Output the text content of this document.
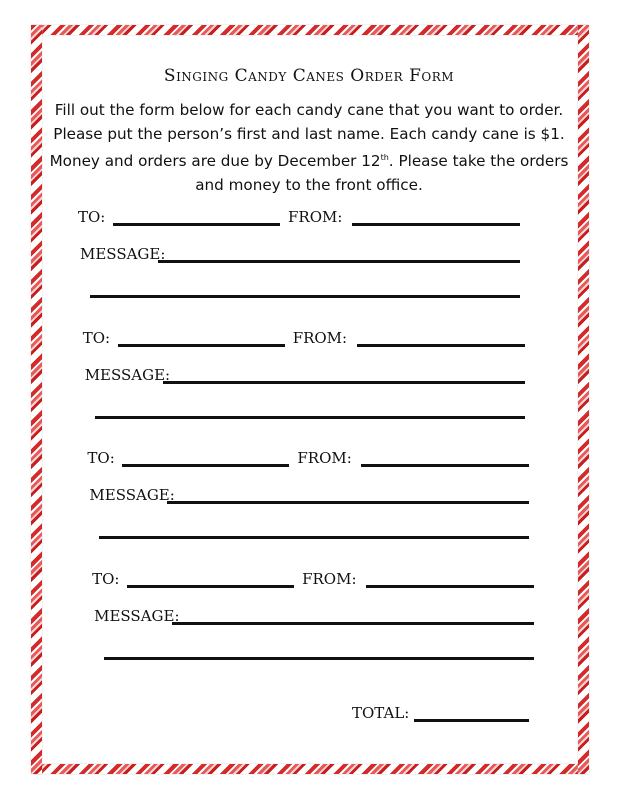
Singing Candy Canes Order Form
Fill out the form below for each candy cane that you want to order.
Please put the person’s first and last name. Each candy cane is $1.
Money and orders are due by December 12th. Please take the orders
and money to the front office.
TO:	FROM:
MESSAGE:
TO:	FROM:
MESSAGE:
TO:	FROM:
MESSAGE:
TO:	FROM:
MESSAGE:
TOTAL:
